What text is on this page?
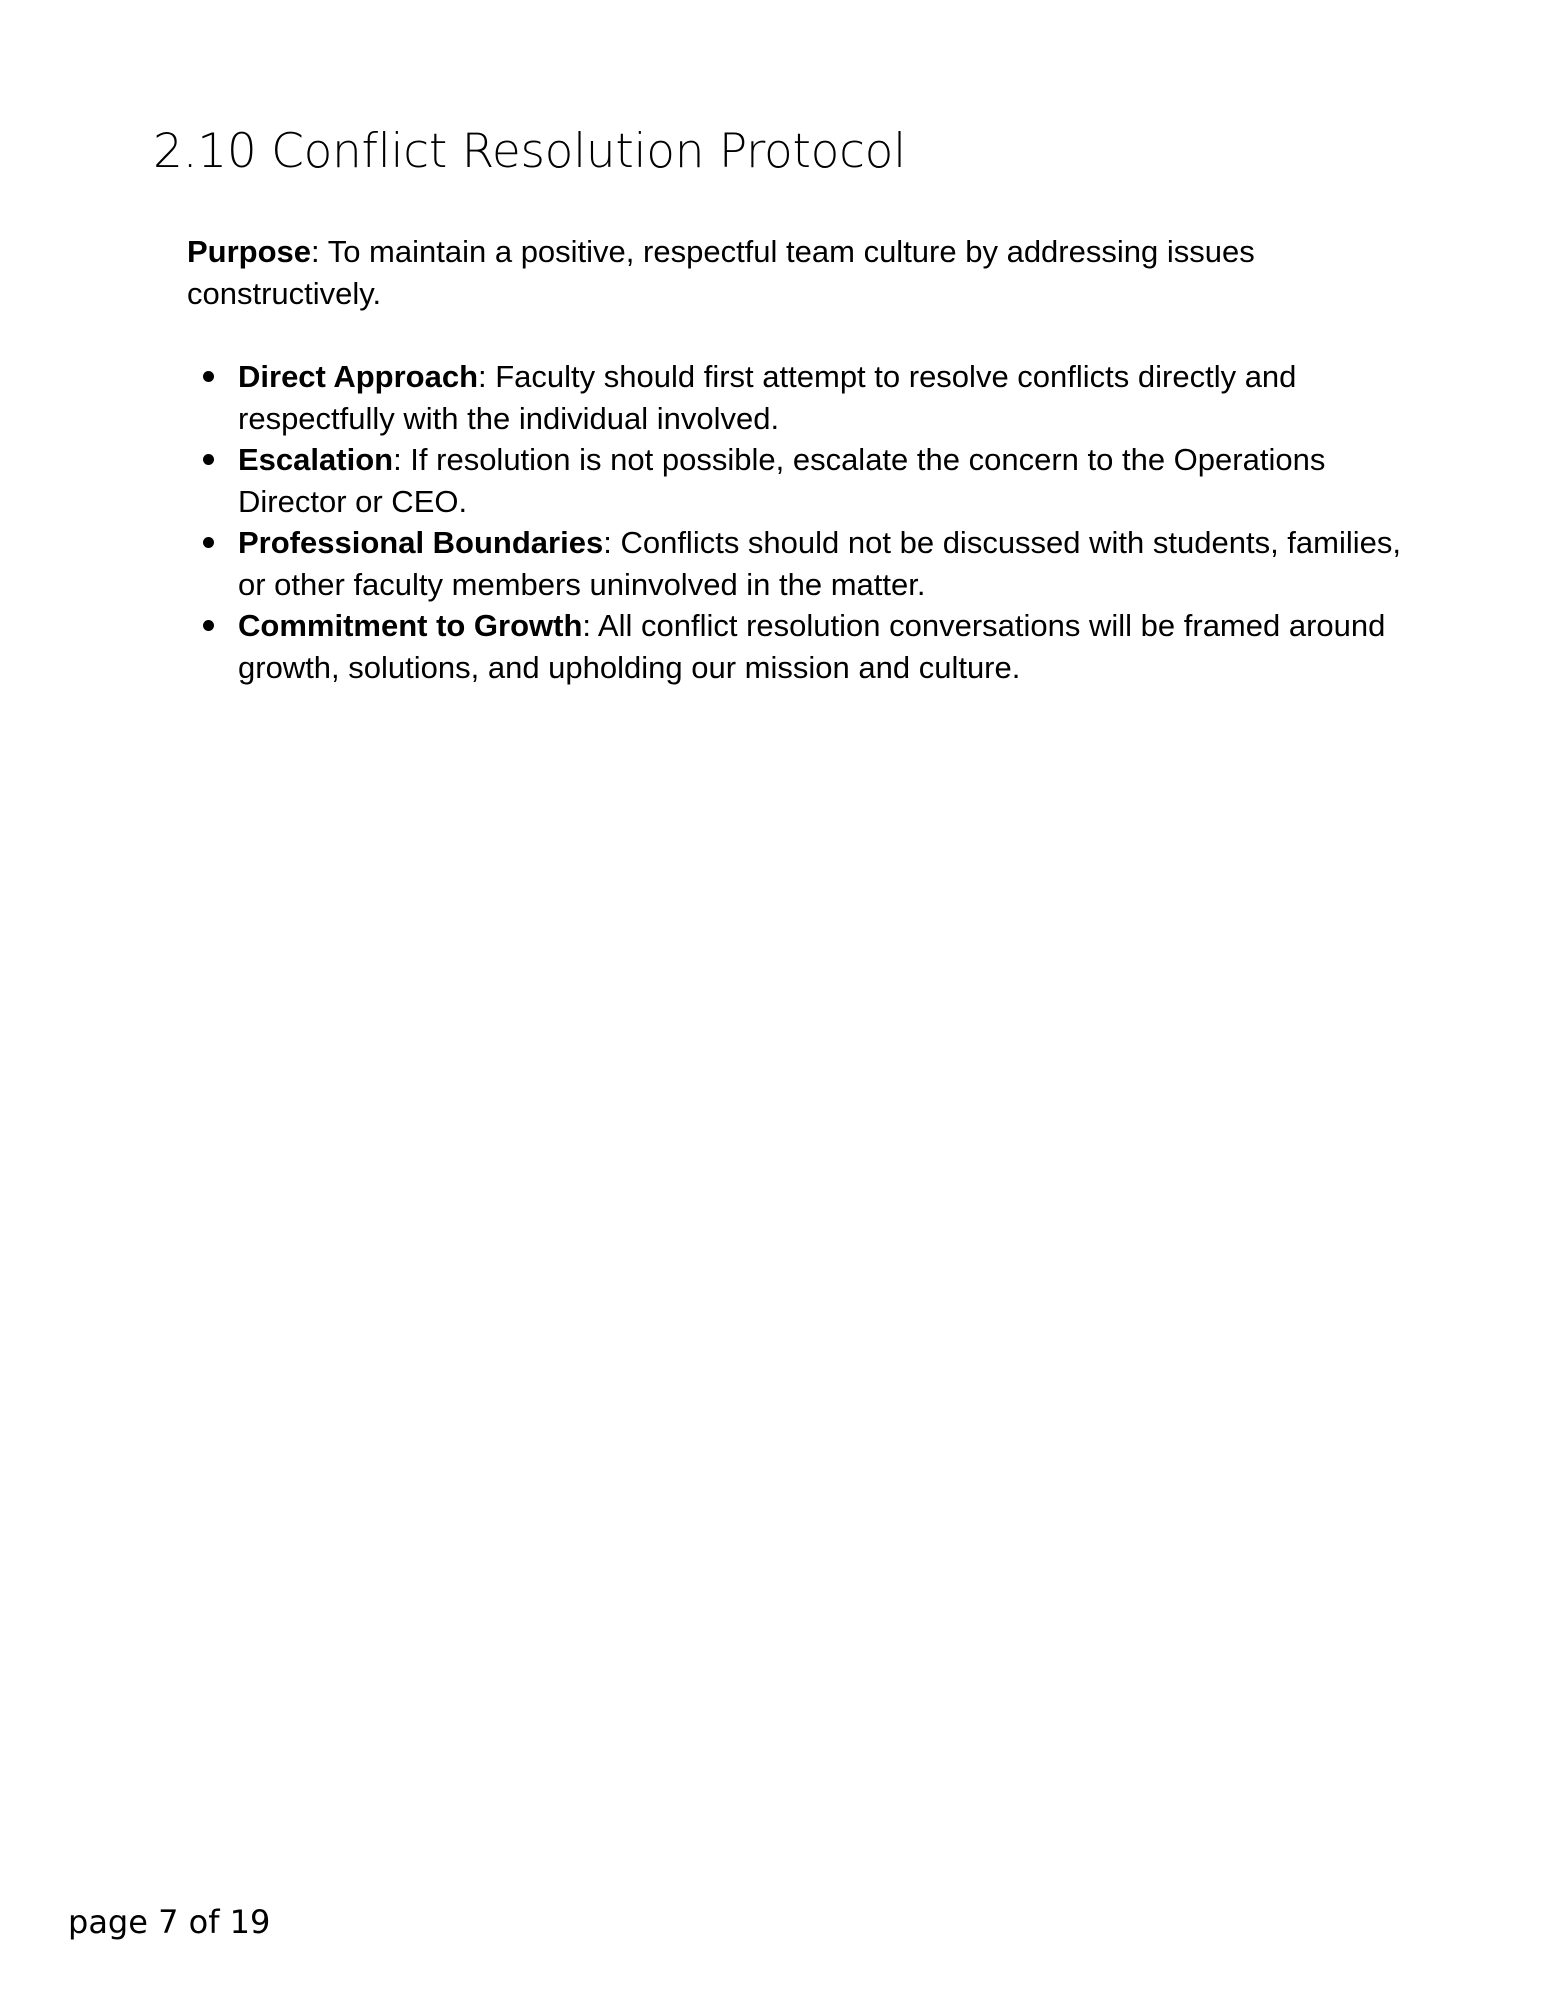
2.10 Conflict Resolution Protocol

Purpose: To maintain a positive, respectful team culture by addressing issues constructively.

Direct Approach: Faculty should first attempt to resolve conflicts directly and respectfully with the individual involved.
Escalation: If resolution is not possible, escalate the concern to the Operations Director or CEO.
Professional Boundaries: Conflicts should not be discussed with students, families, or other faculty members uninvolved in the matter.
Commitment to Growth: All conflict resolution conversations will be framed around growth, solutions, and upholding our mission and culture.
page 7 of 19
